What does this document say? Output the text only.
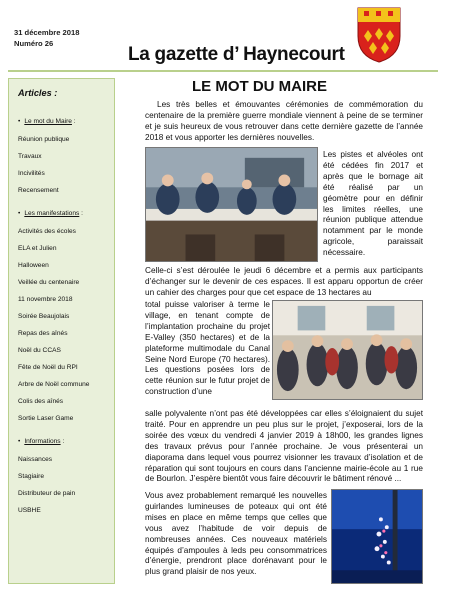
31 décembre 2018
Numéro 26
La gazette d’ Haynecourt
Articles :
• Le mot du Maire :
Réunion publique
Travaux
Incivilités
Recensement
• Les manifestations :
Activités des écoles
ELA et Julien
Halloween
Veillée du centenaire
11 novembre 2018
Soirée Beaujolais
Repas des aînés
Noël du CCAS
Fête de Noël du RPI
Arbre de Noël commune
Colis des aînés
Sortie Laser Game
• Informations :
Naissances
Stagiaire
Distributeur de pain
USBHE
LE MOT DU MAIRE
Les très belles et émouvantes cérémonies de commémoration du centenaire de la première guerre mondiale viennent à peine de se terminer et je suis heureux de vous retrouver dans cette dernière gazette de l’année 2018 et vous apporter les dernières nouvelles.
Les pistes et alvéoles ont été cédées fin 2017 et après que le bornage ait été réalisé par un géomètre pour en définir les limites réelles, une réunion publique attendue notamment par le monde agricole, paraissait nécessaire.
Celle-ci s’est déroulée le jeudi 6 décembre et a permis aux participants d’échanger sur le devenir de ces espaces. Il est apparu opportun de créer un cahier des charges pour que cet espace de 13 hectares au
total puisse valoriser à terme le village, en tenant compte de l’implantation prochaine du projet E-Valley (350 hectares) et de la plateforme multimodale du Canal Seine Nord Europe (70 hectares). Les questions posées lors de cette réunion sur le futur projet de construction d’une
salle polyvalente n’ont pas été développées car elles s’éloignaient du sujet traité. Pour en apprendre un peu plus sur le projet, j’exposerai, lors de la soirée des vœux du vendredi 4 janvier 2019 à 18h00, les grandes lignes des travaux prévus pour l’année prochaine. Je vous présenterai un diaporama dans lequel vous pourrez visionner les travaux d’isolation et de réparation qui sont toujours en cours dans l’ancienne mairie-école au 1 rue de Bourlon. J’espère bientôt vous faire découvrir le bâtiment rénové ...
Vous avez probablement remarqué les nouvelles guirlandes lumineuses de poteaux qui ont été mises en place en même temps que celles que vous avez l’habitude de voir depuis de nombreuses années. Ces nouveaux matériels équipés d’ampoules à leds peu consommatrices d’énergie, prendront place dorénavant pour le plus grand plaisir de nos yeux.
